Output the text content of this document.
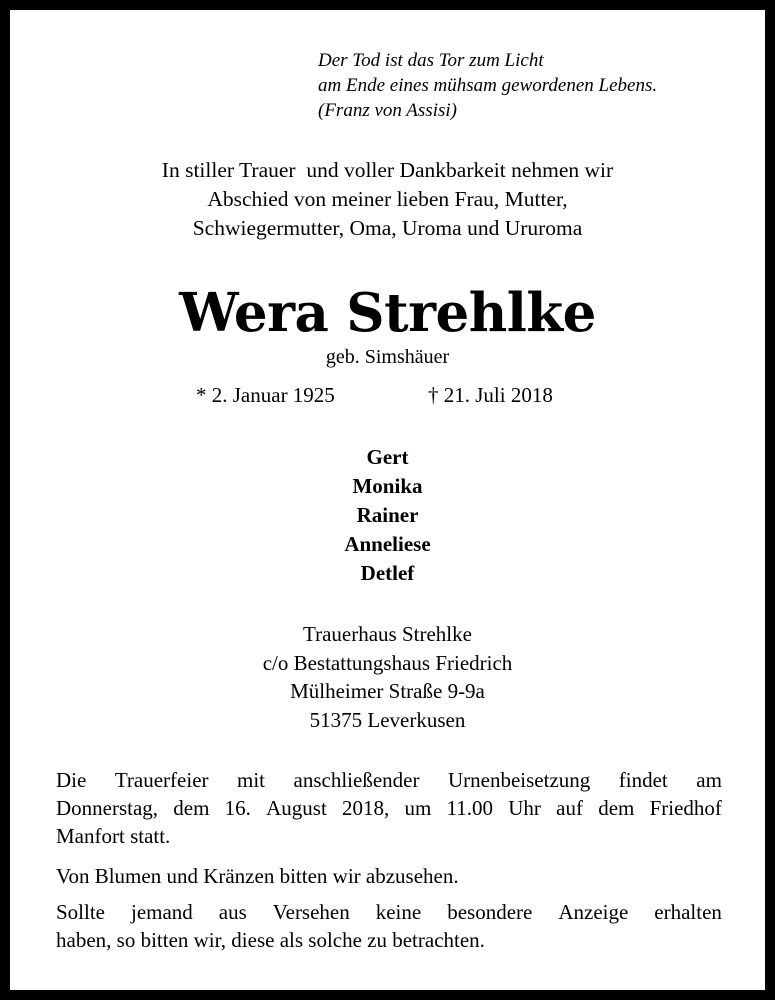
Der Tod ist das Tor zum Licht
am Ende eines mühsam gewordenen Lebens.
(Franz von Assisi)
In stiller Trauer  und voller Dankbarkeit nehmen wir
Abschied von meiner lieben Frau, Mutter,
Schwiegermutter, Oma, Uroma und Ururoma
Wera Strehlke
geb. Simshäuer
* 2. Januar 1925	† 21. Juli 2018
Gert
Monika
Rainer
Anneliese
Detlef
Trauerhaus Strehlke
c/o Bestattungshaus Friedrich
Mülheimer Straße 9-9a
51375 Leverkusen
Die Trauerfeier mit anschließender Urnenbeisetzung findet am
Donnerstag, dem 16. August 2018, um 11.00 Uhr auf dem Friedhof
Manfort statt.
Von Blumen und Kränzen bitten wir abzusehen.
Sollte jemand aus Versehen keine besondere Anzeige erhalten
haben, so bitten wir, diese als solche zu betrachten.
